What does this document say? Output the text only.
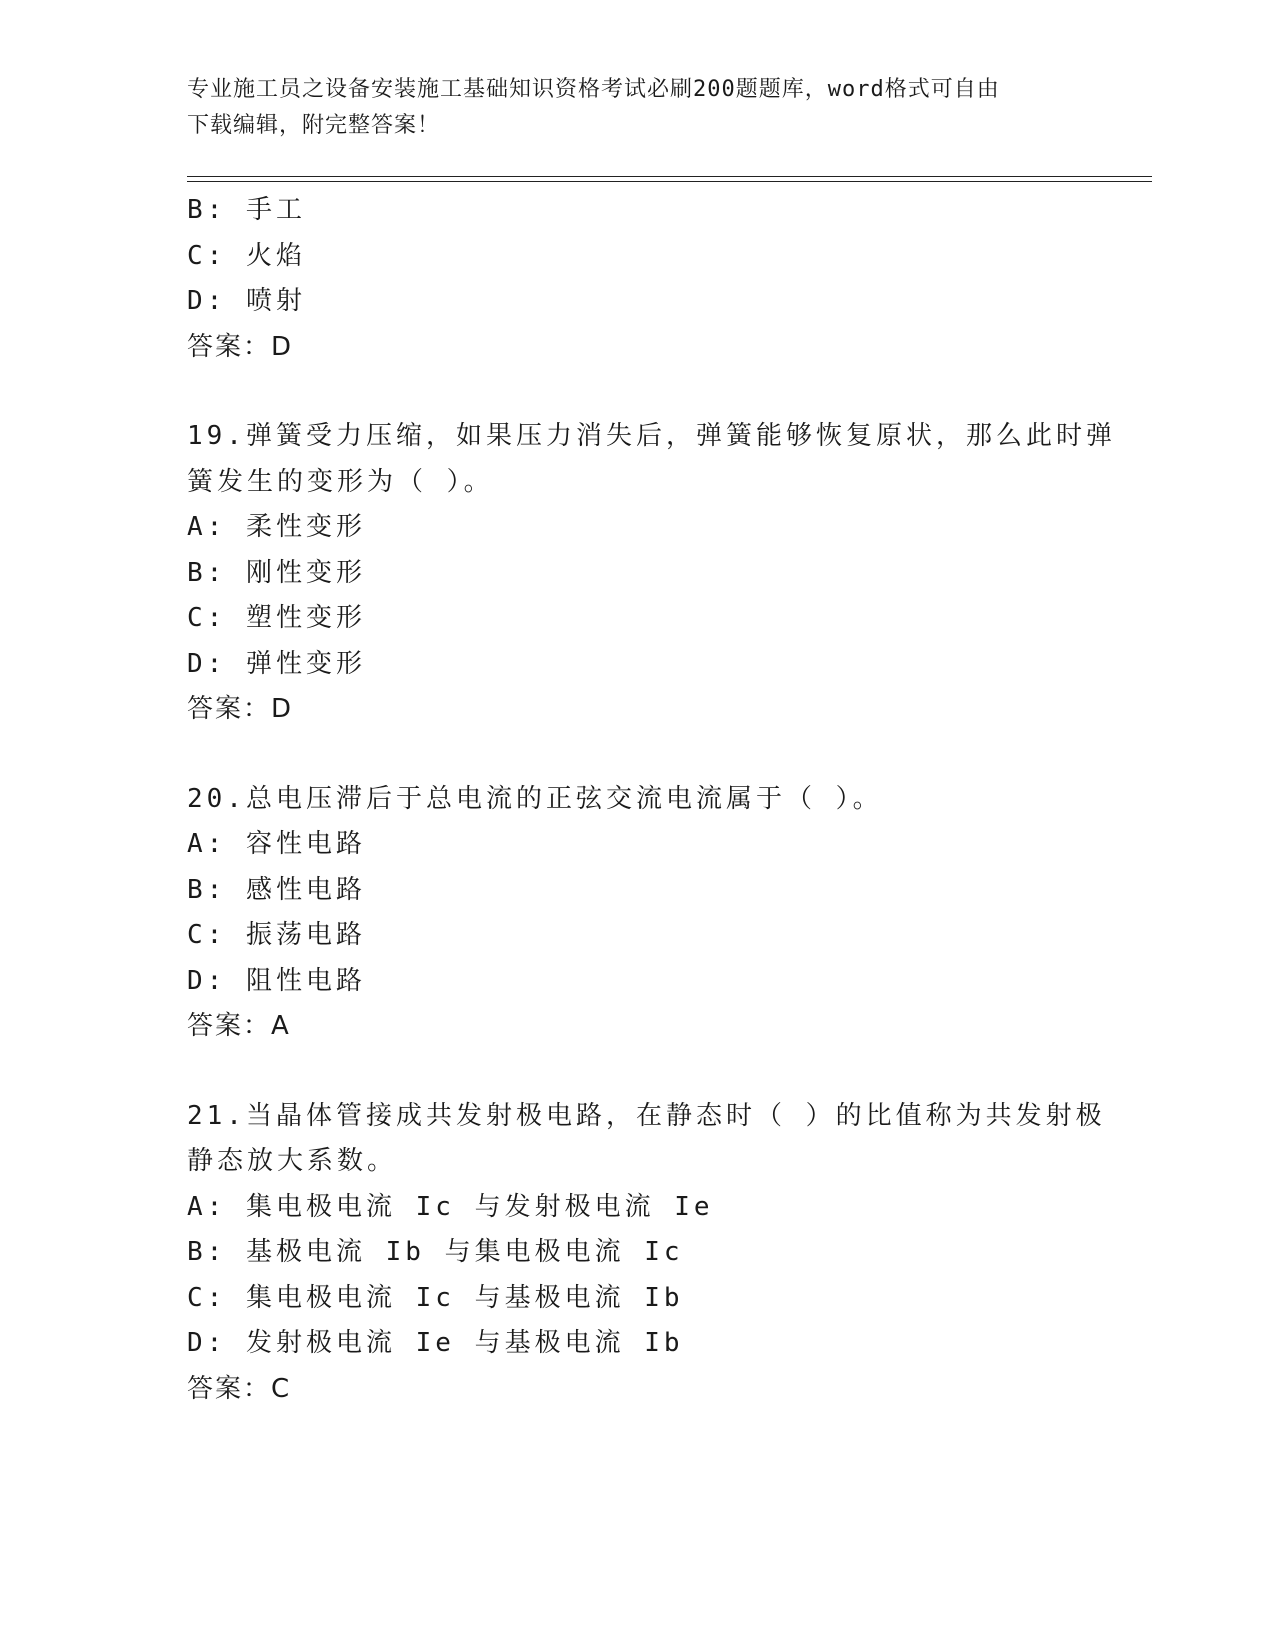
专业施工员之设备安装施工基础知识资格考试必刷200题题库，word格式可自由
下载编辑，附完整答案！
B: 手工
C: 火焰
D: 喷射
答案：D
19.弹簧受力压缩，如果压力消失后，弹簧能够恢复原状，那么此时弹
簧发生的变形为（ ）。
A: 柔性变形
B: 刚性变形
C: 塑性变形
D: 弹性变形
答案：D
20.总电压滞后于总电流的正弦交流电流属于（ ）。
A: 容性电路
B: 感性电路
C: 振荡电路
D: 阻性电路
答案：A
21.当晶体管接成共发射极电路，在静态时（ ）的比值称为共发射极
静态放大系数。
A: 集电极电流 Ic 与发射极电流 Ie
B: 基极电流 Ib 与集电极电流 Ic
C: 集电极电流 Ic 与基极电流 Ib
D: 发射极电流 Ie 与基极电流 Ib
答案：C
